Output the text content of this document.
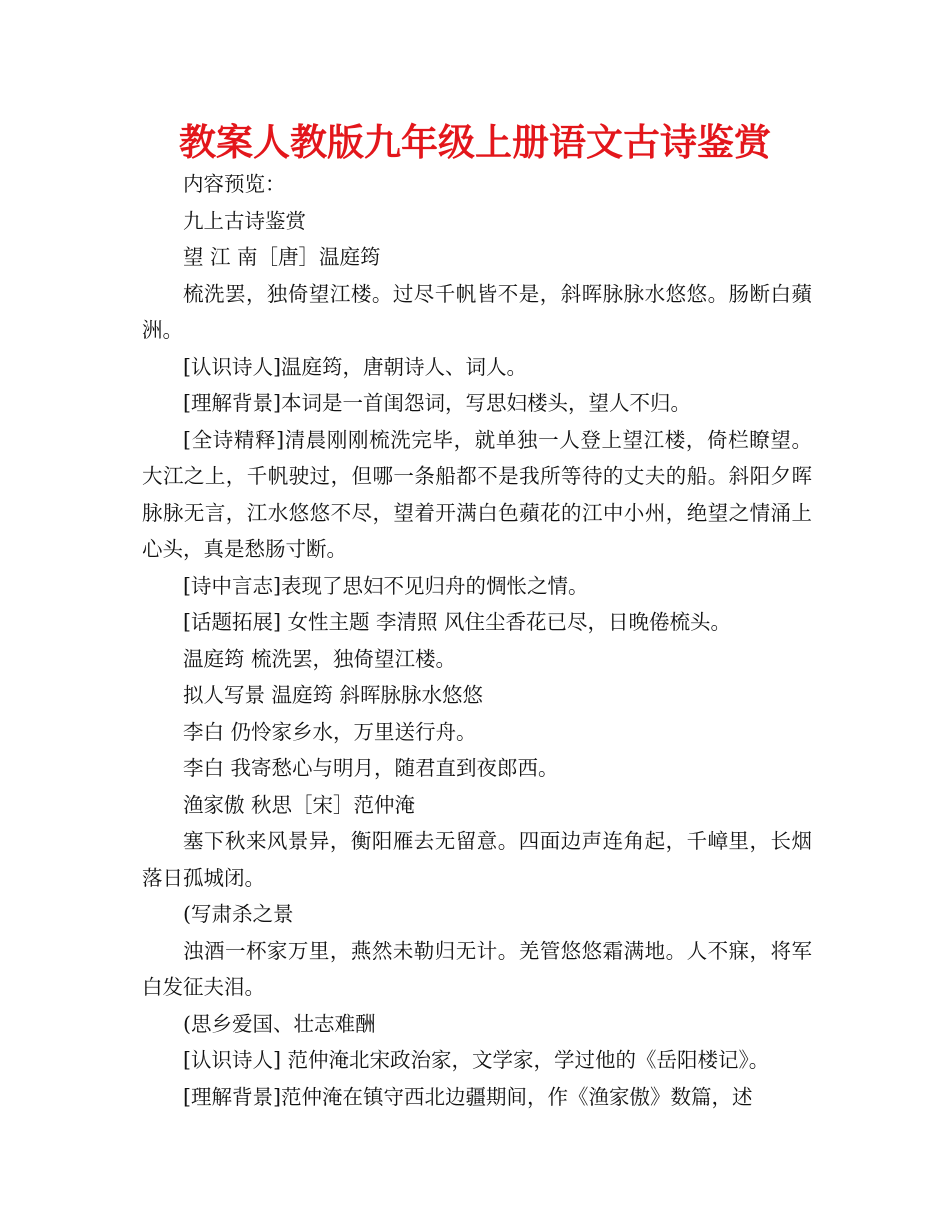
教案人教版九年级上册语文古诗鉴赏

内容预览：

九上古诗鉴赏

望 江 南［唐］温庭筠

梳洗罢，独倚望江楼。过尽千帆皆不是，斜晖脉脉水悠悠。肠断白蘋洲。

[认识诗人]温庭筠，唐朝诗人、词人。

[理解背景]本词是一首闺怨词，写思妇楼头，望人不归。

[全诗精释]清晨刚刚梳洗完毕，就单独一人登上望江楼，倚栏瞭望。大江之上，千帆驶过，但哪一条船都不是我所等待的丈夫的船。斜阳夕晖脉脉无言，江水悠悠不尽，望着开满白色蘋花的江中小州，绝望之情涌上心头，真是愁肠寸断。

[诗中言志]表现了思妇不见归舟的惆怅之情。

[话题拓展] 女性主题 李清照 风住尘香花已尽，日晚倦梳头。

温庭筠 梳洗罢，独倚望江楼。

拟人写景 温庭筠 斜晖脉脉水悠悠

李白 仍怜家乡水，万里送行舟。

李白 我寄愁心与明月，随君直到夜郎西。

渔家傲 秋思［宋］范仲淹

塞下秋来风景异，衡阳雁去无留意。四面边声连角起，千嶂里，长烟落日孤城闭。

(写肃杀之景

浊酒一杯家万里，燕然未勒归无计。羌管悠悠霜满地。人不寐，将军白发征夫泪。

(思乡爱国、壮志难酬

[认识诗人] 范仲淹北宋政治家，文学家，学过他的《岳阳楼记》。

[理解背景]范仲淹在镇守西北边疆期间，作《渔家傲》数篇，述
